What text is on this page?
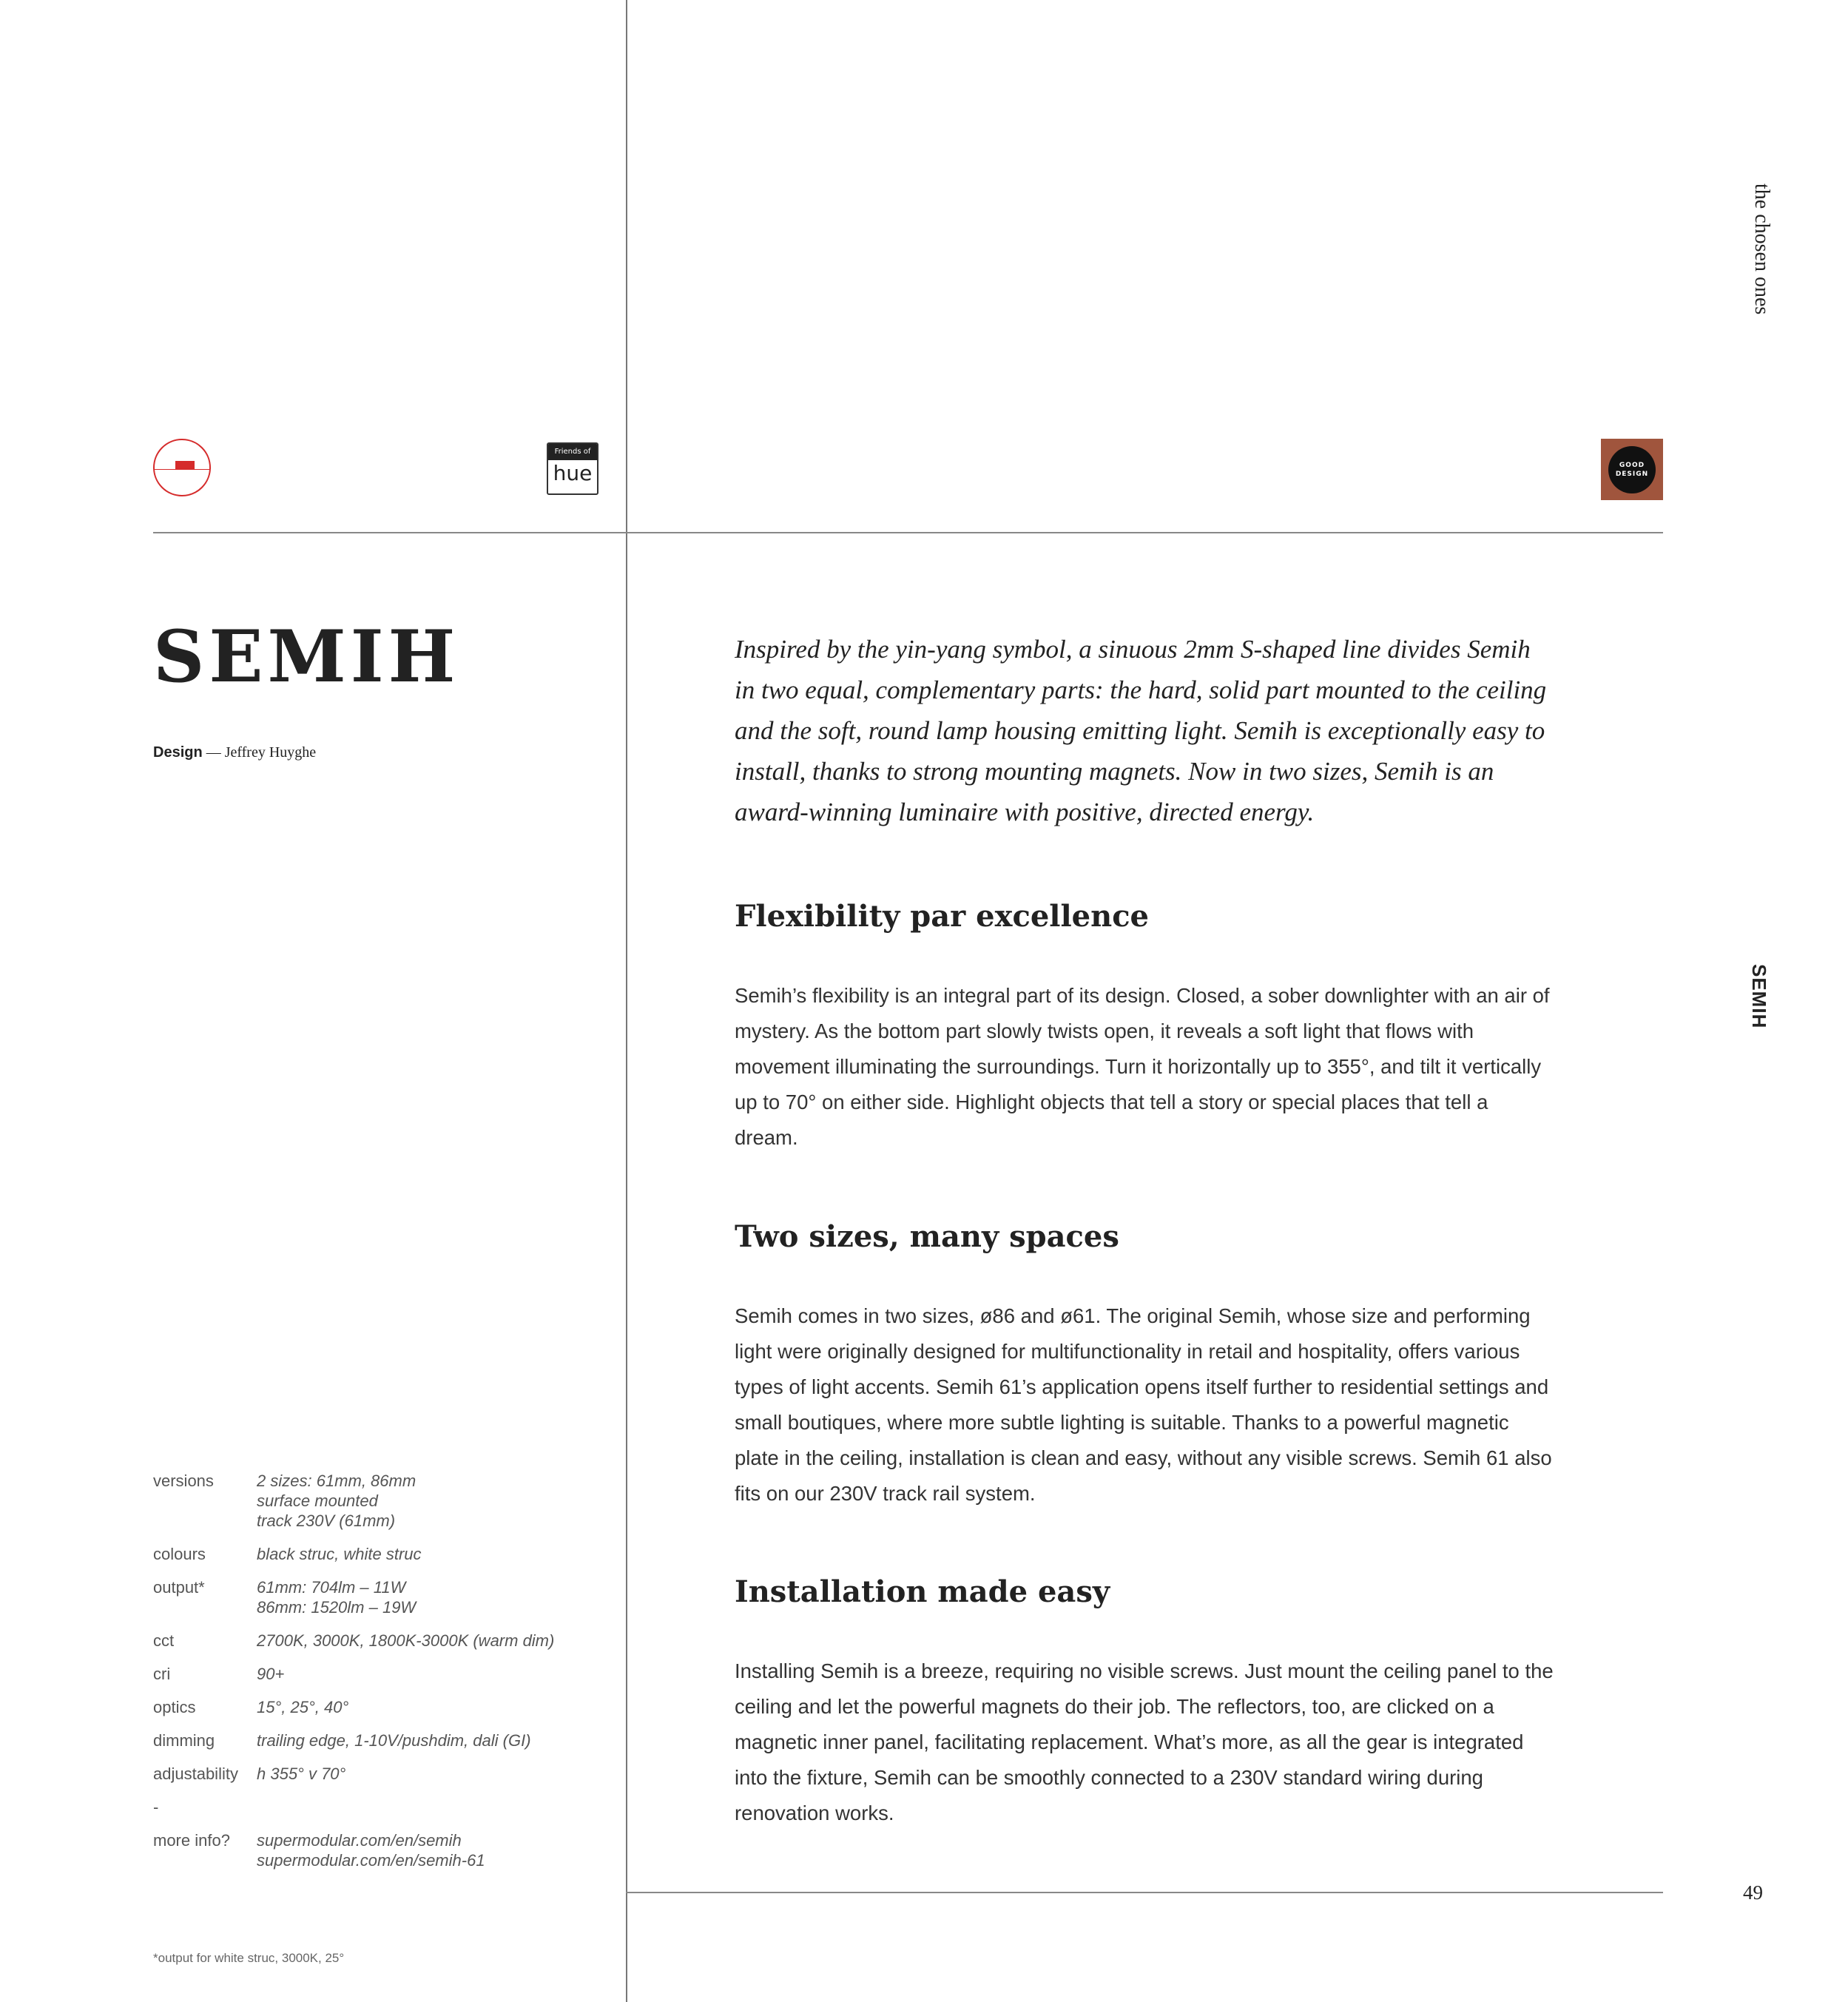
Friends of
hue	GOOD
DESIGN
SEMIH
Design — Jeffrey Huyghe
versions	2 sizes: 61mm, 86mm
surface mounted
track 230V (61mm)
colours	black struc, white struc
output*	61mm: 704lm – 11W
86mm: 1520lm – 19W
cct	2700K, 3000K, 1800K-3000K (warm dim)
cri	90+
optics	15°, 25°, 40°
dimming	trailing edge, 1-10V/pushdim, dali (GI)
adjustability	h 355° v 70°
-
more info?	supermodular.com/en/semih
supermodular.com/en/semih-61
*output for white struc, 3000K, 25°

Inspired by the yin-yang symbol, a sinuous 2mm S-shaped line divides Semih in two equal, complementary parts: the hard, solid part mounted to the ceiling and the soft, round lamp housing emitting light. Semih is exceptionally easy to install, thanks to strong mounting magnets. Now in two sizes, Semih is an award-winning luminaire with positive, directed energy.

Flexibility par excellence

Semih’s flexibility is an integral part of its design. Closed, a sober downlighter with an air of mystery. As the bottom part slowly twists open, it reveals a soft light that flows with movement illuminating the surroundings. Turn it horizontally up to 355°, and tilt it vertically up to 70° on either side. Highlight objects that tell a story or special places that tell a dream.

Two sizes, many spaces

Semih comes in two sizes, ø86 and ø61. The original Semih, whose size and performing light were originally designed for multifunctionality in retail and hospitality, offers various types of light accents. Semih 61’s application opens itself further to residential settings and small boutiques, where more subtle lighting is suitable. Thanks to a powerful magnetic plate in the ceiling, installation is clean and easy, without any visible screws. Semih 61 also fits on our 230V track rail system.

Installation made easy

Installing Semih is a breeze, requiring no visible screws. Just mount the ceiling panel to the ceiling and let the powerful magnets do their job. The reflectors, too, are clicked on a magnetic inner panel, facilitating replacement. What’s more, as all the gear is integrated into the fixture, Semih can be smoothly connected to a 230V standard wiring during renovation works.

the chosen ones
SEMIH
49
